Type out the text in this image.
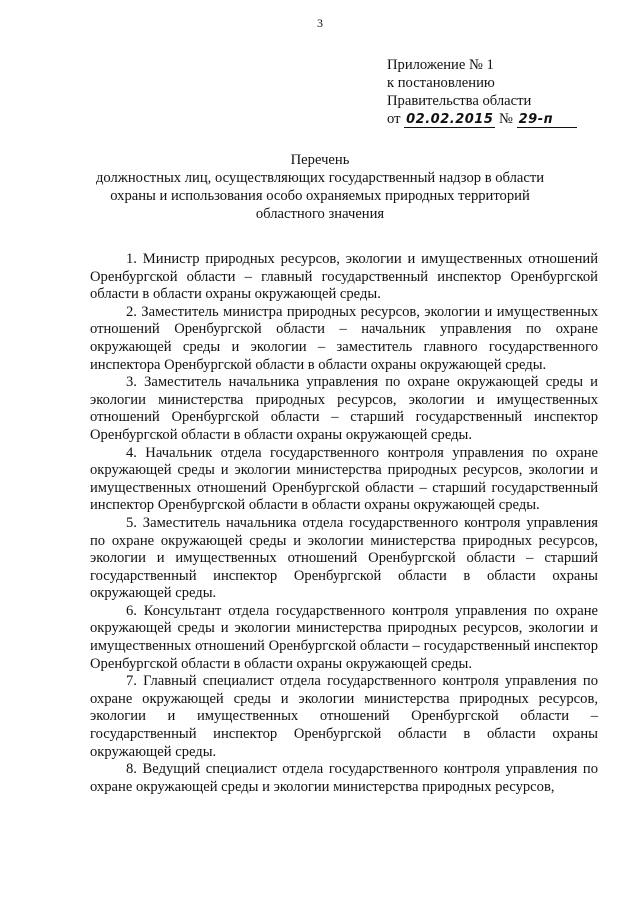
3
Приложение № 1
к постановлению
Правительства области
от 02.02.2015 № 29-п
Перечень
должностных лиц, осуществляющих государственный надзор в области
охраны и использования особо охраняемых природных территорий
областного значения

1. Министр природных ресурсов, экологии и имущественных отношений Оренбургской области – главный государственный инспектор Оренбургской области в области охраны окружающей среды.

2. Заместитель министра природных ресурсов, экологии и имущественных отношений Оренбургской области – начальник управления по охране окружающей среды и экологии – заместитель главного государственного инспектора Оренбургской области в области охраны окружающей среды.

3. Заместитель начальника управления по охране окружающей среды и экологии министерства природных ресурсов, экологии и имущественных отношений Оренбургской области – старший государственный инспектор Оренбургской области в области охраны окружающей среды.

4. Начальник отдела государственного контроля управления по охране окружающей среды и экологии министерства природных ресурсов, экологии и имущественных отношений Оренбургской области – старший государственный инспектор Оренбургской области в области охраны окружающей среды.

5. Заместитель начальника отдела государственного контроля управления по охране окружающей среды и экологии министерства природных ресурсов, экологии и имущественных отношений Оренбургской области – старший государственный инспектор Оренбургской области в области охраны окружающей среды.

6. Консультант отдела государственного контроля управления по охране окружающей среды и экологии министерства природных ресурсов, экологии и имущественных отношений Оренбургской области – государственный инспектор Оренбургской области в области охраны окружающей среды.

7. Главный специалист отдела государственного контроля управления по охране окружающей среды и экологии министерства природных ресурсов, экологии и имущественных отношений Оренбургской области – государственный инспектор Оренбургской области в области охраны окружающей среды.

8. Ведущий специалист отдела государственного контроля управления по охране окружающей среды и экологии министерства природных ресурсов,
